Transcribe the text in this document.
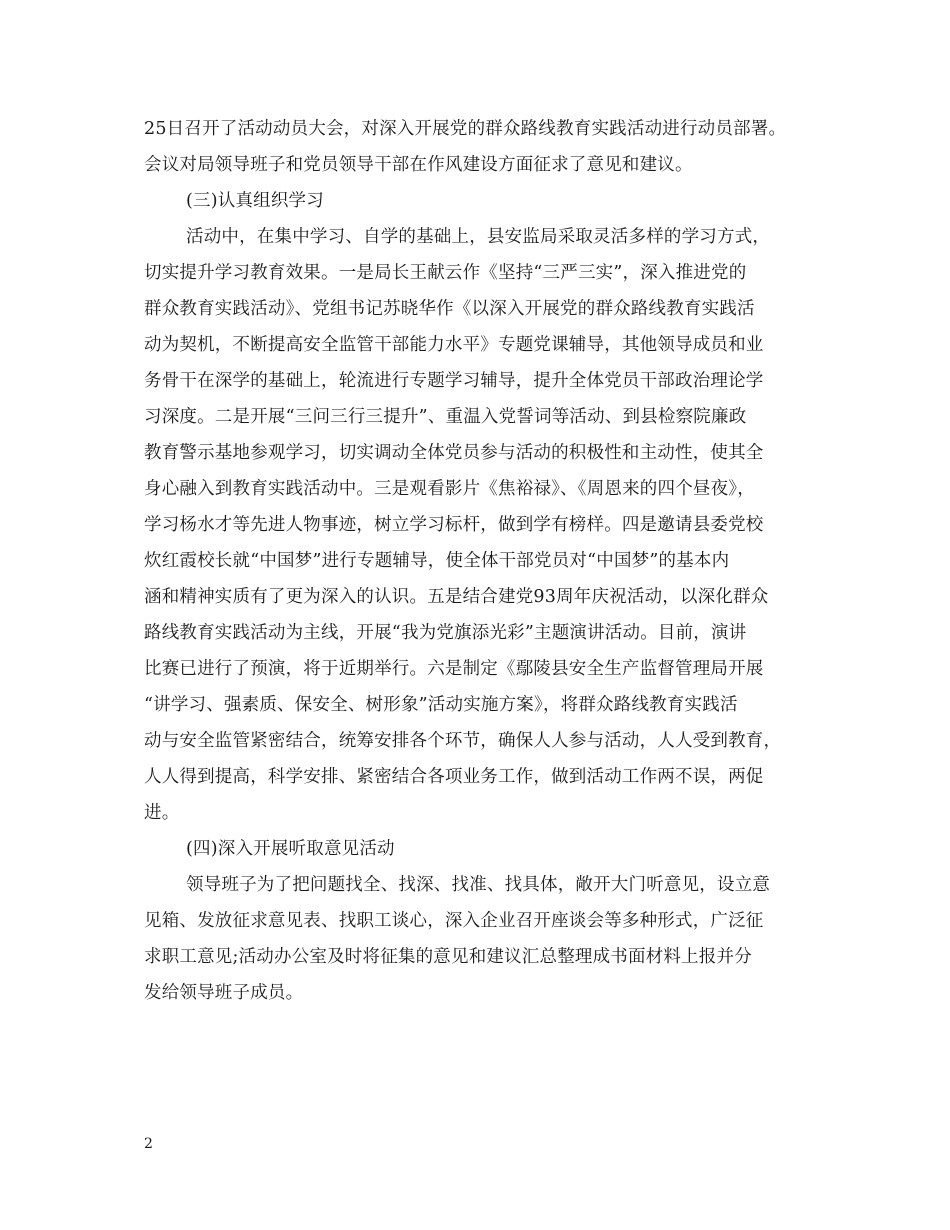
25日召开了活动动员大会，对深入开展党的群众路线教育实践活动进行动员部署。
会议对局领导班子和党员领导干部在作风建设方面征求了意见和建议。
(三)认真组织学习
活动中，在集中学习、自学的基础上，县安监局采取灵活多样的学习方式，
切实提升学习教育效果。一是局长王献云作《坚持“三严三实”，深入推进党的
群众教育实践活动》、党组书记苏晓华作《以深入开展党的群众路线教育实践活
动为契机，不断提高安全监管干部能力水平》专题党课辅导，其他领导成员和业
务骨干在深学的基础上，轮流进行专题学习辅导，提升全体党员干部政治理论学
习深度。二是开展“三问三行三提升”、重温入党誓词等活动、到县检察院廉政
教育警示基地参观学习，切实调动全体党员参与活动的积极性和主动性，使其全
身心融入到教育实践活动中。三是观看影片《焦裕禄》、《周恩来的四个昼夜》，
学习杨水才等先进人物事迹，树立学习标杆，做到学有榜样。四是邀请县委党校
炊红霞校长就“中国梦”进行专题辅导，使全体干部党员对“中国梦”的基本内
涵和精神实质有了更为深入的认识。五是结合建党93周年庆祝活动，以深化群众
路线教育实践活动为主线，开展“我为党旗添光彩”主题演讲活动。目前，演讲
比赛已进行了预演，将于近期举行。六是制定《鄢陵县安全生产监督管理局开展
“讲学习、强素质、保安全、树形象”活动实施方案》，将群众路线教育实践活
动与安全监管紧密结合，统筹安排各个环节，确保人人参与活动，人人受到教育，
人人得到提高，科学安排、紧密结合各项业务工作，做到活动工作两不误，两促
进。
(四)深入开展听取意见活动
领导班子为了把问题找全、找深、找准、找具体，敞开大门听意见，设立意
见箱、发放征求意见表、找职工谈心，深入企业召开座谈会等多种形式，广泛征
求职工意见;活动办公室及时将征集的意见和建议汇总整理成书面材料上报并分
发给领导班子成员。
2
